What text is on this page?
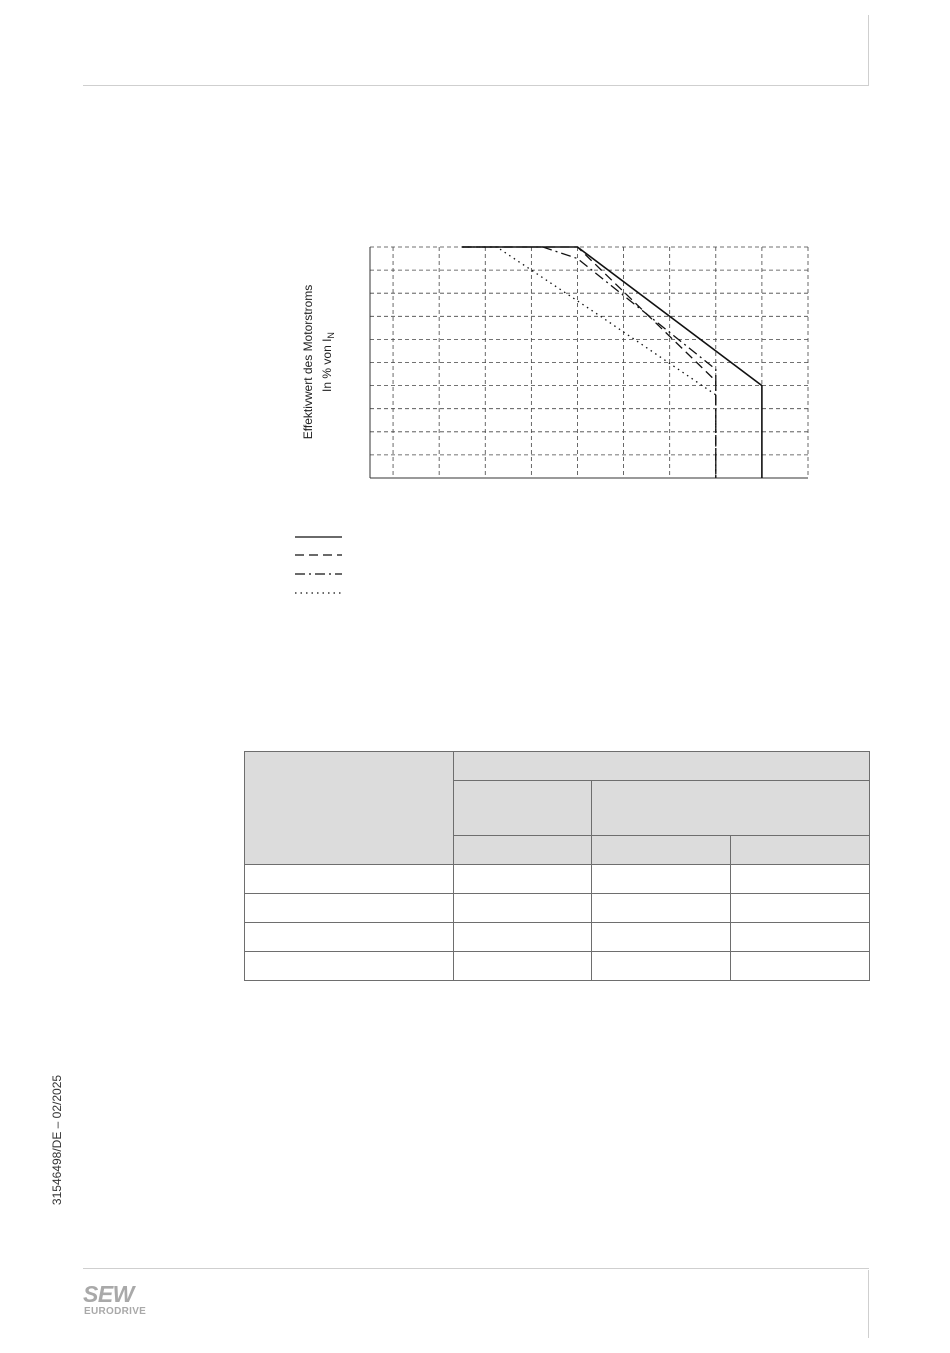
Effektivwert des Motorstroms In % von $I_N$

31546498/DE – 02/2025
SEW
EURODRIVE
